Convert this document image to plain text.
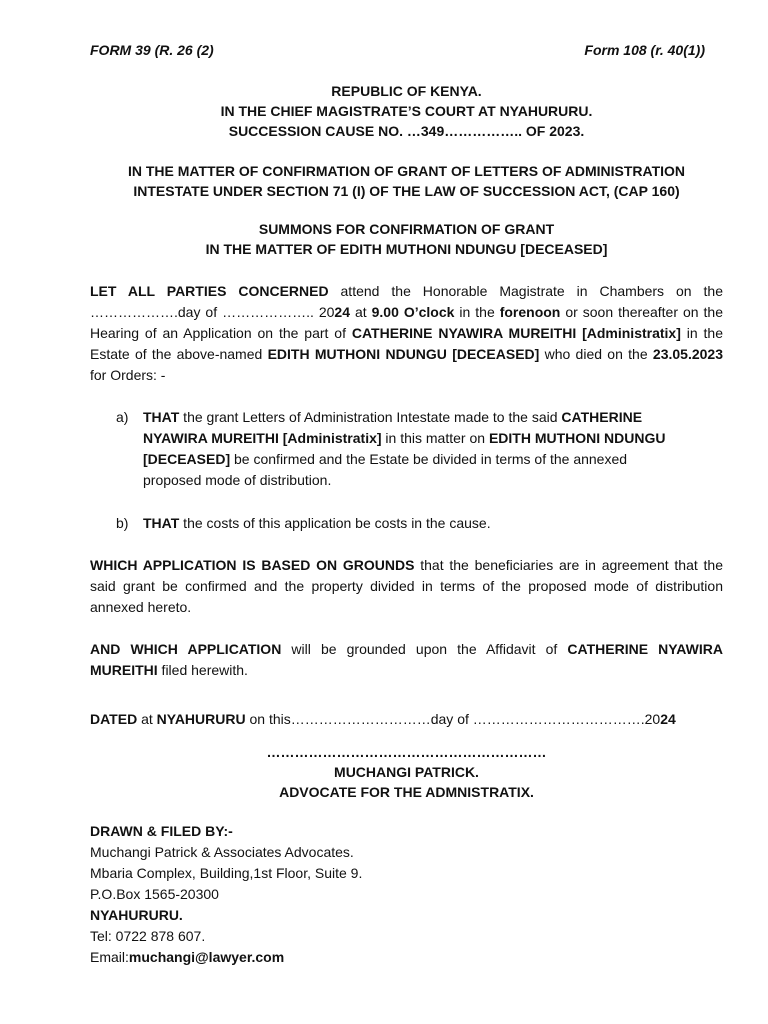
FORM 39 (R. 26 (2)	Form 108 (r. 40(1))
REPUBLIC OF KENYA.
IN THE CHIEF MAGISTRATE’S COURT AT NYAHURURU.
SUCCESSION CAUSE NO. …349…………….. OF 2023.
IN THE MATTER OF CONFIRMATION OF GRANT OF LETTERS OF ADMINISTRATION
INTESTATE UNDER SECTION 71 (I) OF THE LAW OF SUCCESSION ACT, (CAP 160)
SUMMONS FOR CONFIRMATION OF GRANT
IN THE MATTER OF EDITH MUTHONI NDUNGU [DECEASED]
LET ALL PARTIES CONCERNED attend the Honorable Magistrate in Chambers on the ……………….day of ……………….. 2024 at 9.00 O’clock in the forenoon or soon thereafter on the Hearing of an Application on the part of CATHERINE NYAWIRA MUREITHI [Administratix] in the Estate of the above-named EDITH MUTHONI NDUNGU [DECEASED] who died on the 23.05.2023 for Orders: -
a) THAT the grant Letters of Administration Intestate made to the said CATHERINE NYAWIRA MUREITHI [Administratix] in this matter on EDITH MUTHONI NDUNGU [DECEASED] be confirmed and the Estate be divided in terms of the annexed proposed mode of distribution.
b) THAT the costs of this application be costs in the cause.
WHICH APPLICATION IS BASED ON GROUNDS that the beneficiaries are in agreement that the said grant be confirmed and the property divided in terms of the proposed mode of distribution annexed hereto.
AND WHICH APPLICATION will be grounded upon the Affidavit of CATHERINE NYAWIRA MUREITHI filed herewith.
DATED at NYAHURURU on this…………………………day of ……………………………….2024
……………………………………………………
MUCHANGI PATRICK.
ADVOCATE FOR THE ADMNISTRATIX.
DRAWN & FILED BY:-
Muchangi Patrick & Associates Advocates.
Mbaria Complex, Building,1st Floor, Suite 9.
P.O.Box 1565-20300
NYAHURURU.
Tel: 0722 878 607.
Email:muchangi@lawyer.com
